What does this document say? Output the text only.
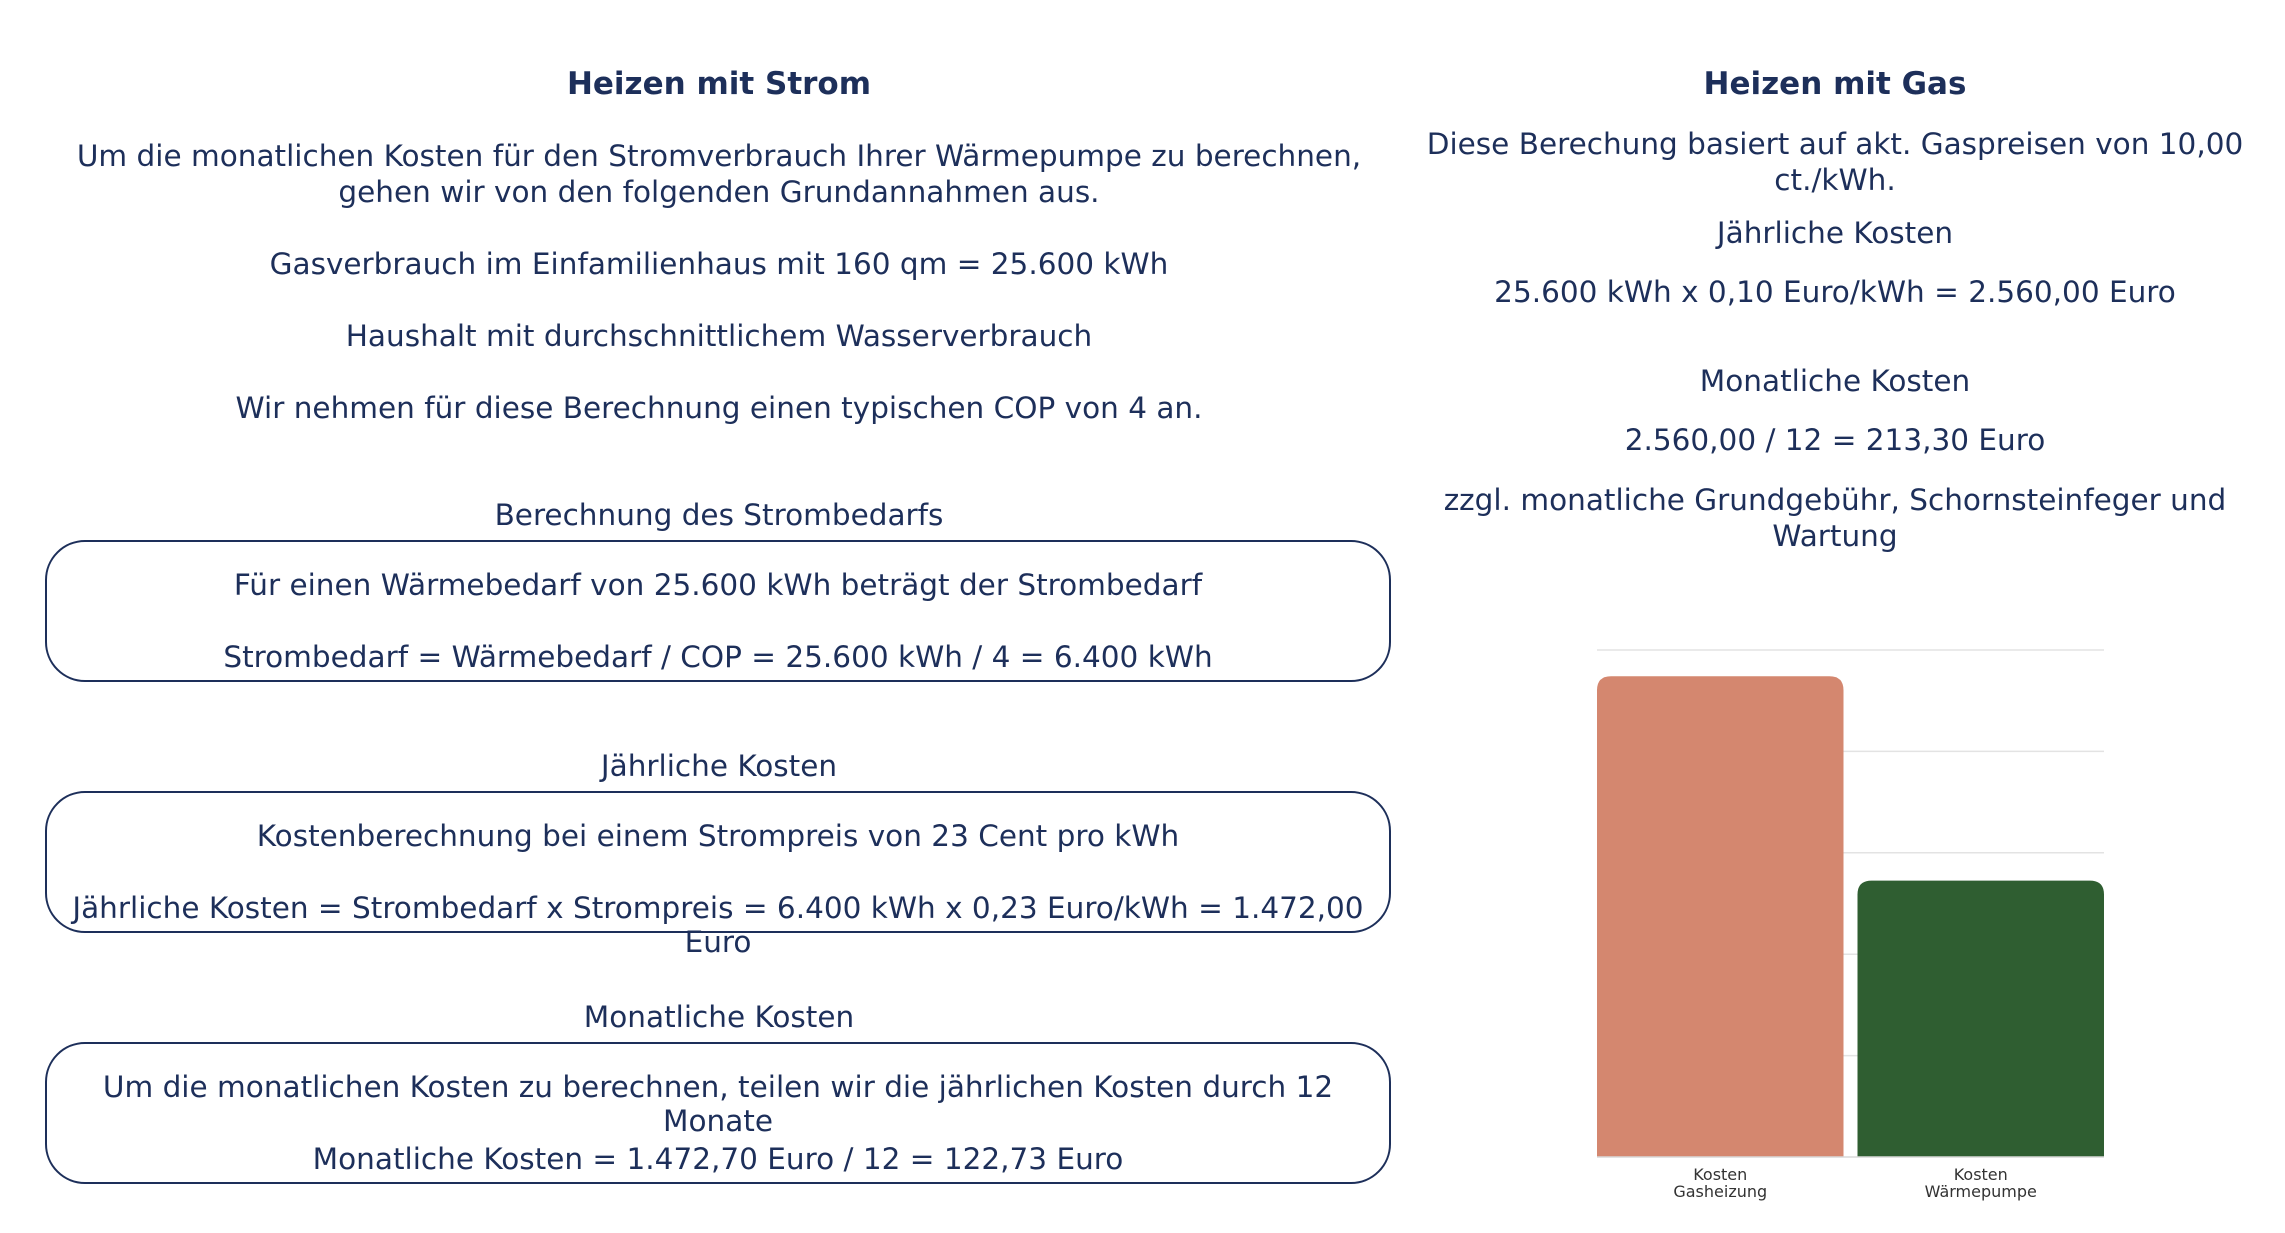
Heizen mit Strom
Um die monatlichen Kosten für den Stromverbrauch Ihrer Wärmepumpe zu berechnen,
gehen wir von den folgenden Grundannahmen aus.
Gasverbrauch im Einfamilienhaus mit 160 qm = 25.600 kWh
Haushalt mit durchschnittlichem Wasserverbrauch
Wir nehmen für diese Berechnung einen typischen COP von 4 an.
Berechnung des Strombedarfs
Jährliche Kosten
Monatliche Kosten
Für einen Wärmebedarf von 25.600 kWh beträgt der Strombedarf
Strombedarf = Wärmebedarf / COP = 25.600 kWh / 4 = 6.400 kWh
Kostenberechnung bei einem Strompreis von 23 Cent pro kWh
Jährliche Kosten = Strombedarf x Strompreis = 6.400 kWh x 0,23 Euro/kWh = 1.472,00 Euro
Um die monatlichen Kosten zu berechnen, teilen wir die jährlichen Kosten durch 12 Monate
Monatliche Kosten = 1.472,70 Euro / 12 = 122,73 Euro
Heizen mit Gas
Diese Berechung basiert auf akt. Gaspreisen von 10,00 ct./kWh.
Jährliche Kosten
25.600 kWh x 0,10 Euro/kWh = 2.560,00 Euro
Monatliche Kosten
2.560,00 / 12 = 213,30 Euro
zzgl. monatliche Grundgebühr, Schornsteinfeger und Wartung
Kosten
Gasheizung
Kosten
Wärmepumpe
